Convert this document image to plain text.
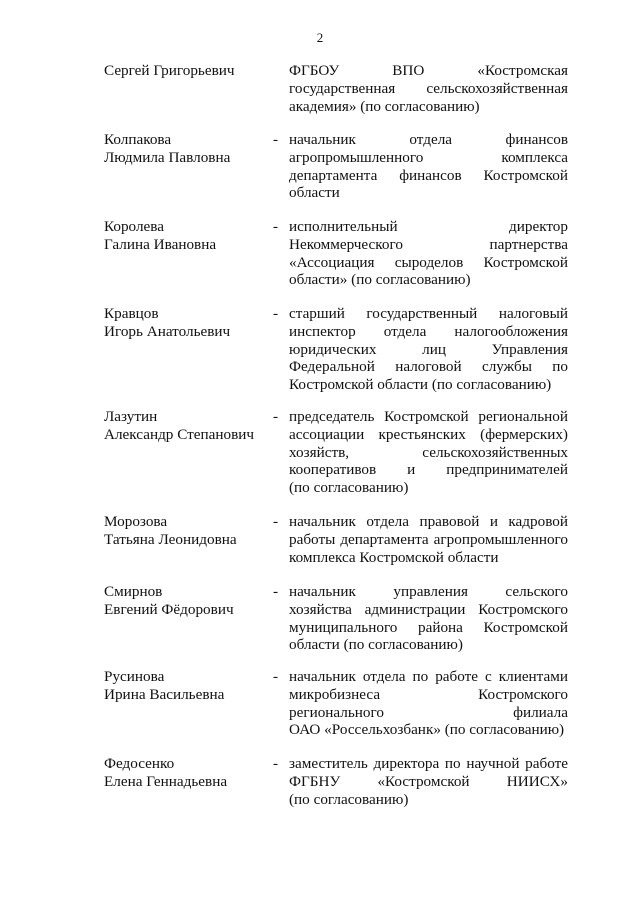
2
Сергей Григорьевич	ФГБОУ ВПО «Костромская
государственная сельскохозяйственная
академия» (по согласованию)
Колпакова
Людмила Павловна
- начальник отдела финансов
агропромышленного комплекса
департамента финансов Костромской
области
Королева
Галина Ивановна
- исполнительный директор
Некоммерческого партнерства
«Ассоциация сыроделов Костромской
области» (по согласованию)
Кравцов
Игорь Анатольевич
- старший государственный налоговый
инспектор отдела налогообложения
юридических лиц Управления
Федеральной налоговой службы по
Костромской области (по согласованию)
Лазутин
Александр Степанович
- председатель Костромской региональной
ассоциации крестьянских (фермерских)
хозяйств, сельскохозяйственных
кооперативов и предпринимателей
(по согласованию)
Морозова
Татьяна Леонидовна
- начальник отдела правовой и кадровой
работы департамента агропромышленного
комплекса Костромской области
Смирнов
Евгений Фёдорович
- начальник управления сельского
хозяйства администрации Костромского
муниципального района Костромской
области (по согласованию)
Русинова
Ирина Васильевна
- начальник отдела по работе с клиентами
микробизнеса Костромского
регионального филиала
ОАО «Россельхозбанк» (по согласованию)
Федосенко
Елена Геннадьевна
- заместитель директора по научной работе
ФГБНУ «Костромской НИИСХ»
(по согласованию)
